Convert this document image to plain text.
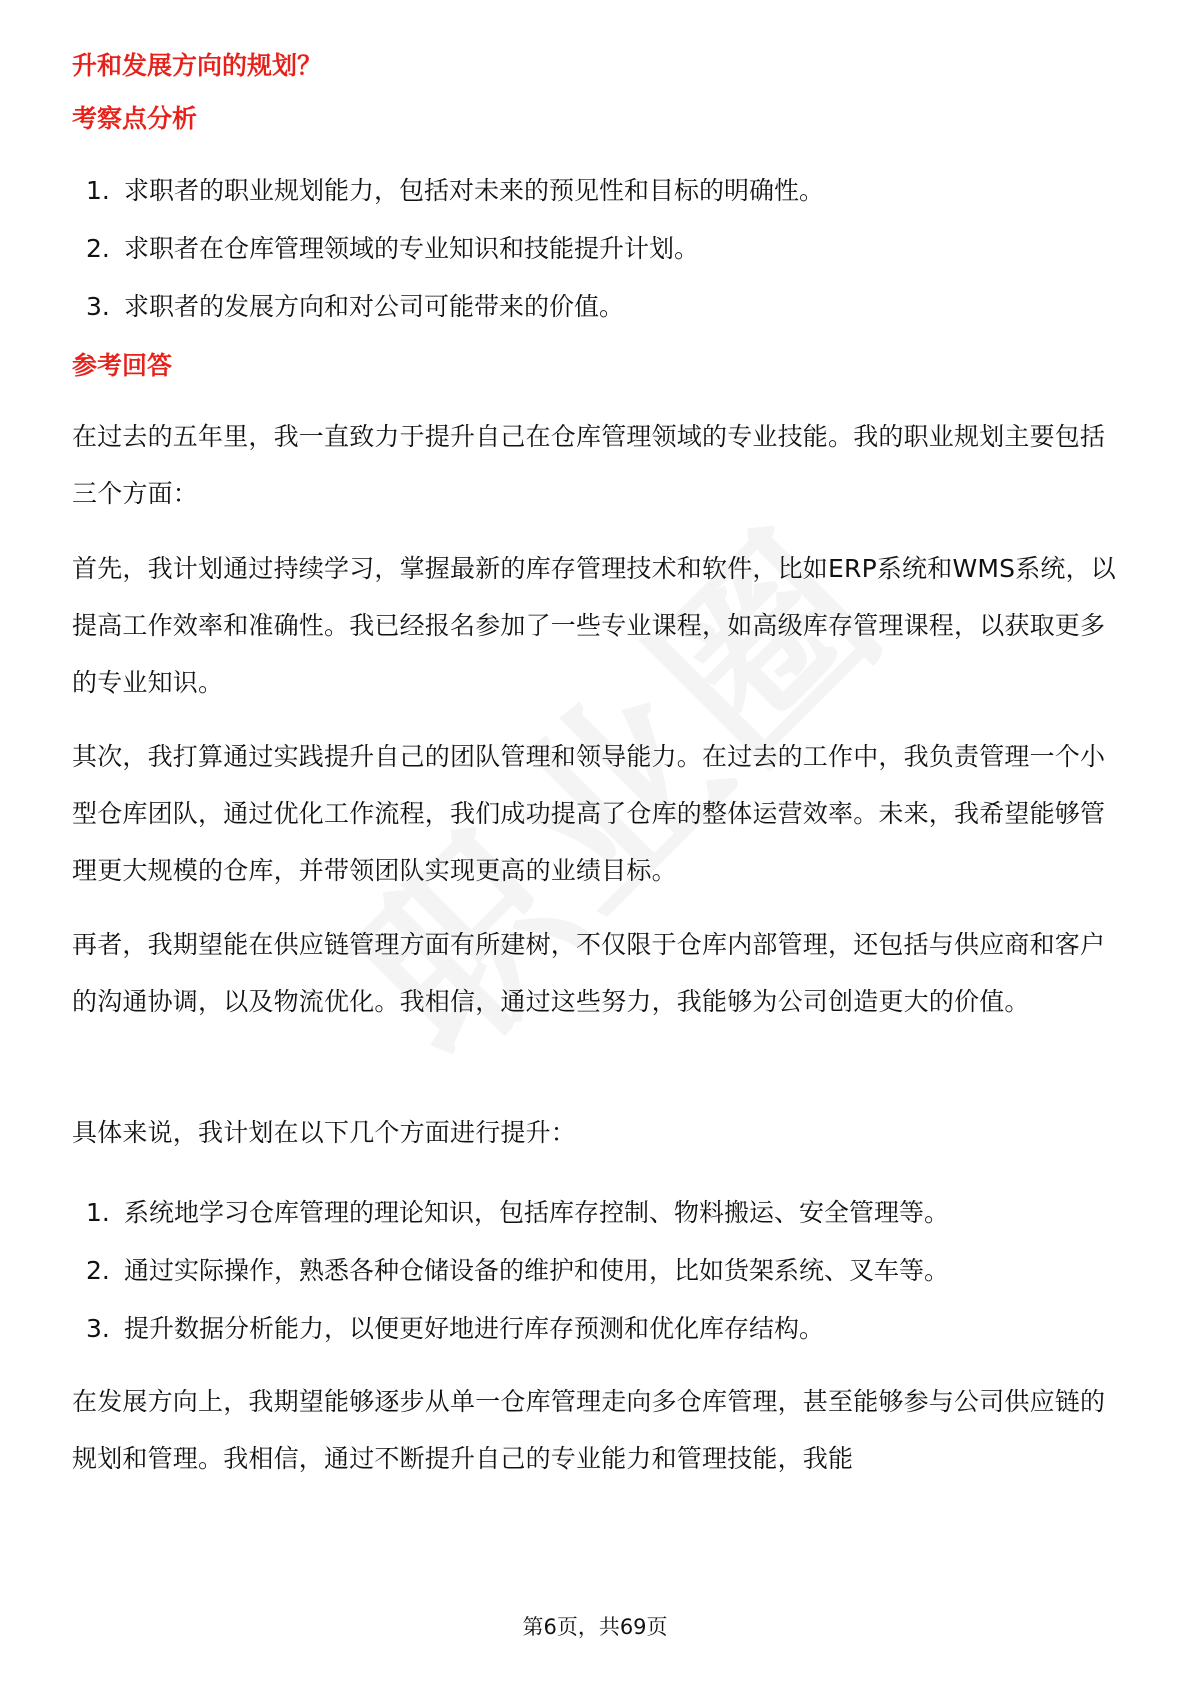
升和发展方向的规划？
考察点分析
1. 求职者的职业规划能力，包括对未来的预见性和目标的明确性。
2. 求职者在仓库管理领域的专业知识和技能提升计划。
3. 求职者的发展方向和对公司可能带来的价值。
参考回答

在过去的五年里，我一直致力于提升自己在仓库管理领域的专业技能。我的职业规划主要包括三个方面：

首先，我计划通过持续学习，掌握最新的库存管理技术和软件，比如ERP系统和WMS系统，以提高工作效率和准确性。我已经报名参加了一些专业课程，如高级库存管理课程，以获取更多的专业知识。

其次，我打算通过实践提升自己的团队管理和领导能力。在过去的工作中，我负责管理一个小型仓库团队，通过优化工作流程，我们成功提高了仓库的整体运营效率。未来，我希望能够管理更大规模的仓库，并带领团队实现更高的业绩目标。

再者，我期望能在供应链管理方面有所建树，不仅限于仓库内部管理，还包括与供应商和客户的沟通协调，以及物流优化。我相信，通过这些努力，我能够为公司创造更大的价值。

具体来说，我计划在以下几个方面进行提升：

1. 系统地学习仓库管理的理论知识，包括库存控制、物料搬运、安全管理等。
2. 通过实际操作，熟悉各种仓储设备的维护和使用，比如货架系统、叉车等。
3. 提升数据分析能力，以便更好地进行库存预测和优化库存结构。

在发展方向上，我期望能够逐步从单一仓库管理走向多仓库管理，甚至能够参与公司供应链的规划和管理。我相信，通过不断提升自己的专业能力和管理技能，我能

第6页，共69页
